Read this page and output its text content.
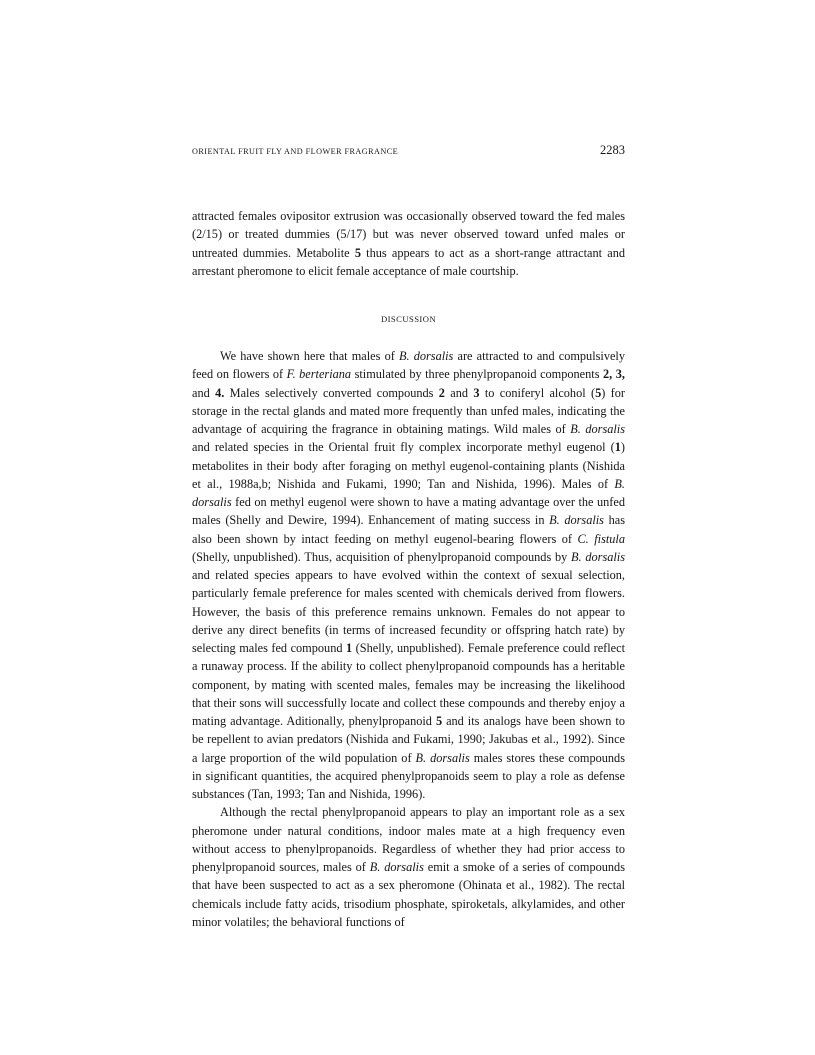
ORIENTAL FRUIT FLY AND FLOWER FRAGRANCE	2283

attracted females ovipositor extrusion was occasionally observed toward the fed males (2/15) or treated dummies (5/17) but was never observed toward unfed males or untreated dummies. Metabolite 5 thus appears to act as a short-range attractant and arrestant pheromone to elicit female acceptance of male courtship.

DISCUSSION

We have shown here that males of B. dorsalis are attracted to and compulsively feed on flowers of F. berteriana stimulated by three phenylpropanoid components 2, 3, and 4. Males selectively converted compounds 2 and 3 to coniferyl alcohol (5) for storage in the rectal glands and mated more frequently than unfed males, indicating the advantage of acquiring the fragrance in obtaining matings. Wild males of B. dorsalis and related species in the Oriental fruit fly complex incorporate methyl eugenol (1) metabolites in their body after foraging on methyl eugenol-containing plants (Nishida et al., 1988a,b; Nishida and Fukami, 1990; Tan and Nishida, 1996). Males of B. dorsalis fed on methyl eugenol were shown to have a mating advantage over the unfed males (Shelly and Dewire, 1994). Enhancement of mating success in B. dorsalis has also been shown by intact feeding on methyl eugenol-bearing flowers of C. fistula (Shelly, unpublished). Thus, acquisition of phenylpropanoid compounds by B. dorsalis and related species appears to have evolved within the context of sexual selection, particularly female preference for males scented with chemicals derived from flowers. However, the basis of this preference remains unknown. Females do not appear to derive any direct benefits (in terms of increased fecundity or offspring hatch rate) by selecting males fed compound 1 (Shelly, unpublished). Female preference could reflect a runaway process. If the ability to collect phenylpropanoid compounds has a heritable component, by mating with scented males, females may be increasing the likelihood that their sons will successfully locate and collect these compounds and thereby enjoy a mating advantage. Aditionally, phenylpropanoid 5 and its analogs have been shown to be repellent to avian predators (Nishida and Fukami, 1990; Jakubas et al., 1992). Since a large proportion of the wild population of B. dorsalis males stores these compounds in significant quantities, the acquired phenylpropanoids seem to play a role as defense substances (Tan, 1993; Tan and Nishida, 1996).

Although the rectal phenylpropanoid appears to play an important role as a sex pheromone under natural conditions, indoor males mate at a high frequency even without access to phenylpropanoids. Regardless of whether they had prior access to phenylpropanoid sources, males of B. dorsalis emit a smoke of a series of compounds that have been suspected to act as a sex pheromone (Ohinata et al., 1982). The rectal chemicals include fatty acids, trisodium phosphate, spiroketals, alkylamides, and other minor volatiles; the behavioral functions of
